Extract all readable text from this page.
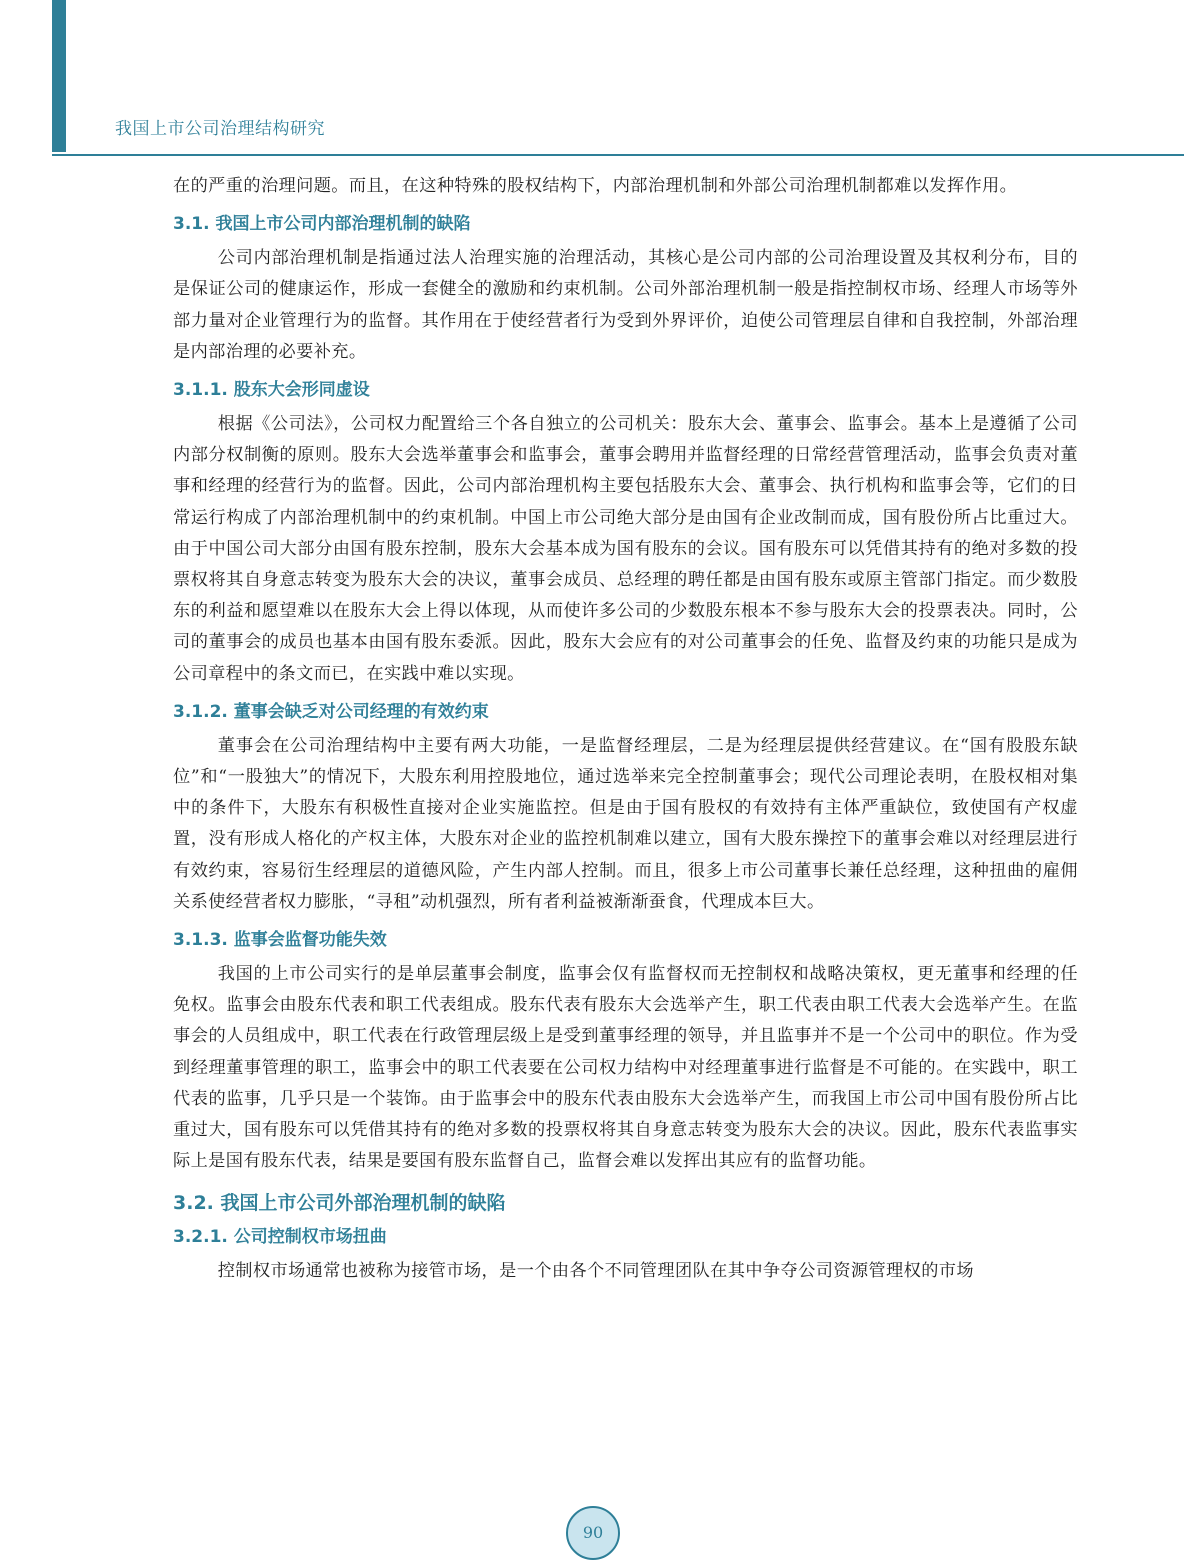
我国上市公司治理结构研究

在的严重的治理问题。而且，在这种特殊的股权结构下，内部治理机制和外部公司治理机制都难以发挥作用。

3.1. 我国上市公司内部治理机制的缺陷

公司内部治理机制是指通过法人治理实施的治理活动，其核心是公司内部的公司治理设置及其权利分布，目的是保证公司的健康运作，形成一套健全的激励和约束机制。公司外部治理机制一般是指控制权市场、经理人市场等外部力量对企业管理行为的监督。其作用在于使经营者行为受到外界评价，迫使公司管理层自律和自我控制，外部治理是内部治理的必要补充。

3.1.1. 股东大会形同虚设

根据《公司法》，公司权力配置给三个各自独立的公司机关：股东大会、董事会、监事会。基本上是遵循了公司内部分权制衡的原则。股东大会选举董事会和监事会，董事会聘用并监督经理的日常经营管理活动，监事会负责对董事和经理的经营行为的监督。因此，公司内部治理机构主要包括股东大会、董事会、执行机构和监事会等，它们的日常运行构成了内部治理机制中的约束机制。中国上市公司绝大部分是由国有企业改制而成，国有股份所占比重过大。由于中国公司大部分由国有股东控制，股东大会基本成为国有股东的会议。国有股东可以凭借其持有的绝对多数的投票权将其自身意志转变为股东大会的决议，董事会成员、总经理的聘任都是由国有股东或原主管部门指定。而少数股东的利益和愿望难以在股东大会上得以体现，从而使许多公司的少数股东根本不参与股东大会的投票表决。同时，公司的董事会的成员也基本由国有股东委派。因此，股东大会应有的对公司董事会的任免、监督及约束的功能只是成为公司章程中的条文而已，在实践中难以实现。

3.1.2. 董事会缺乏对公司经理的有效约束

董事会在公司治理结构中主要有两大功能，一是监督经理层，二是为经理层提供经营建议。在“国有股股东缺位”和“一股独大”的情况下，大股东利用控股地位，通过选举来完全控制董事会；现代公司理论表明，在股权相对集中的条件下，大股东有积极性直接对企业实施监控。但是由于国有股权的有效持有主体严重缺位，致使国有产权虚置，没有形成人格化的产权主体，大股东对企业的监控机制难以建立，国有大股东操控下的董事会难以对经理层进行有效约束，容易衍生经理层的道德风险，产生内部人控制。而且，很多上市公司董事长兼任总经理，这种扭曲的雇佣关系使经营者权力膨胀，“寻租”动机强烈，所有者利益被渐渐蚕食，代理成本巨大。

3.1.3. 监事会监督功能失效

我国的上市公司实行的是单层董事会制度，监事会仅有监督权而无控制权和战略决策权，更无董事和经理的任免权。监事会由股东代表和职工代表组成。股东代表有股东大会选举产生，职工代表由职工代表大会选举产生。在监事会的人员组成中，职工代表在行政管理层级上是受到董事经理的领导，并且监事并不是一个公司中的职位。作为受到经理董事管理的职工，监事会中的职工代表要在公司权力结构中对经理董事进行监督是不可能的。在实践中，职工代表的监事，几乎只是一个装饰。由于监事会中的股东代表由股东大会选举产生，而我国上市公司中国有股份所占比重过大，国有股东可以凭借其持有的绝对多数的投票权将其自身意志转变为股东大会的决议。因此，股东代表监事实际上是国有股东代表，结果是要国有股东监督自己，监督会难以发挥出其应有的监督功能。

3.2. 我国上市公司外部治理机制的缺陷
3.2.1. 公司控制权市场扭曲

控制权市场通常也被称为接管市场，是一个由各个不同管理团队在其中争夺公司资源管理权的市场

90
